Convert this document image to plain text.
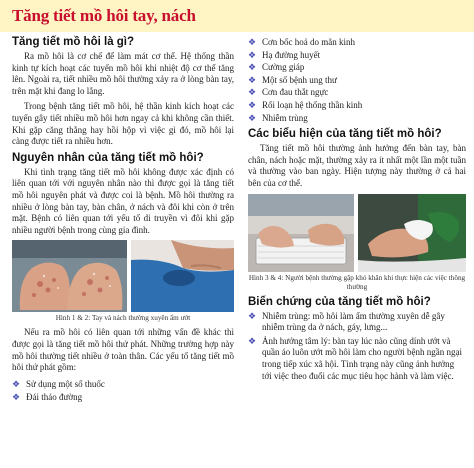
Tăng tiết mồ hôi tay, nách
Tăng tiết mồ hôi là gì?

Ra mồ hôi là cơ chế để làm mát cơ thể. Hệ thống thần kinh tự kích hoạt các tuyến mồ hôi khi nhiệt độ cơ thể tăng lên. Ngoài ra, tiết nhiều mồ hôi thường xảy ra ở lòng bàn tay, trên mặt khi đang lo lắng.

Trong bệnh tăng tiết mồ hôi, hệ thần kinh kích hoạt các tuyến gây tiết nhiều mồ hôi hơn ngay cả khi không cần thiết. Khi gặp căng thẳng hay hồi hộp vì việc gì đó, mồ hôi lại càng được tiết ra nhiều hơn.

Nguyên nhân của tăng tiết mồ hôi?

Khi tình trạng tăng tiết mồ hôi không được xác định có liên quan tới với nguyên nhân nào thì được gọi là tăng tiết mồ hôi nguyên phát và được coi là bệnh. Mồ hôi thường ra nhiều ở lòng bàn tay, bàn chân, ở nách và đôi khi còn ở trên mặt. Bệnh có liên quan tới yếu tố di truyền vì đôi khi gặp nhiều người bệnh trong cùng gia đình.

Hình 1 & 2: Tay và nách thường xuyên ẩm ướt

Nếu ra mồ hôi có liên quan tới những vấn đề khác thì được gọi là tăng tiết mồ hôi thứ phát. Những trường hợp này mồ hôi thường tiết nhiều ở toàn thân. Các yếu tố tăng tiết mồ hôi thứ phát gồm:

❖ Sử dụng một số thuốc
❖ Đái tháo đường
❖ Cơn bốc hoả do mãn kinh
❖ Hạ đường huyết
❖ Cường giáp
❖ Một số bệnh ung thư
❖ Cơn đau thắt ngực
❖ Rối loạn hệ thống thần kinh
❖ Nhiễm trùng
Các biểu hiện của tăng tiết mồ hôi?

Tăng tiết mồ hôi thường ảnh hưởng đến bàn tay, bàn chân, nách hoặc mặt, thường xảy ra ít nhất một lần một tuần và thường vào ban ngày. Hiện tượng này thường ở cả hai bên của cơ thể.

Hình 3 & 4: Người bệnh thường gặp khó khăn khi thực hiện các việc thông thường
Biến chứng của tăng tiết mồ hôi?
❖ Nhiễm trùng: mồ hôi làm ẩm thường xuyên dễ gây nhiễm trùng da ở nách, gáy, lưng...
❖ Ảnh hưởng tâm lý: bàn tay lúc nào cũng dính ướt và quần áo luôn ướt mồ hôi làm cho người bệnh ngần ngại trong tiếp xúc xã hội. Tình trạng này cũng ảnh hưởng tới việc theo đuổi các mục tiêu học hành và làm việc.
